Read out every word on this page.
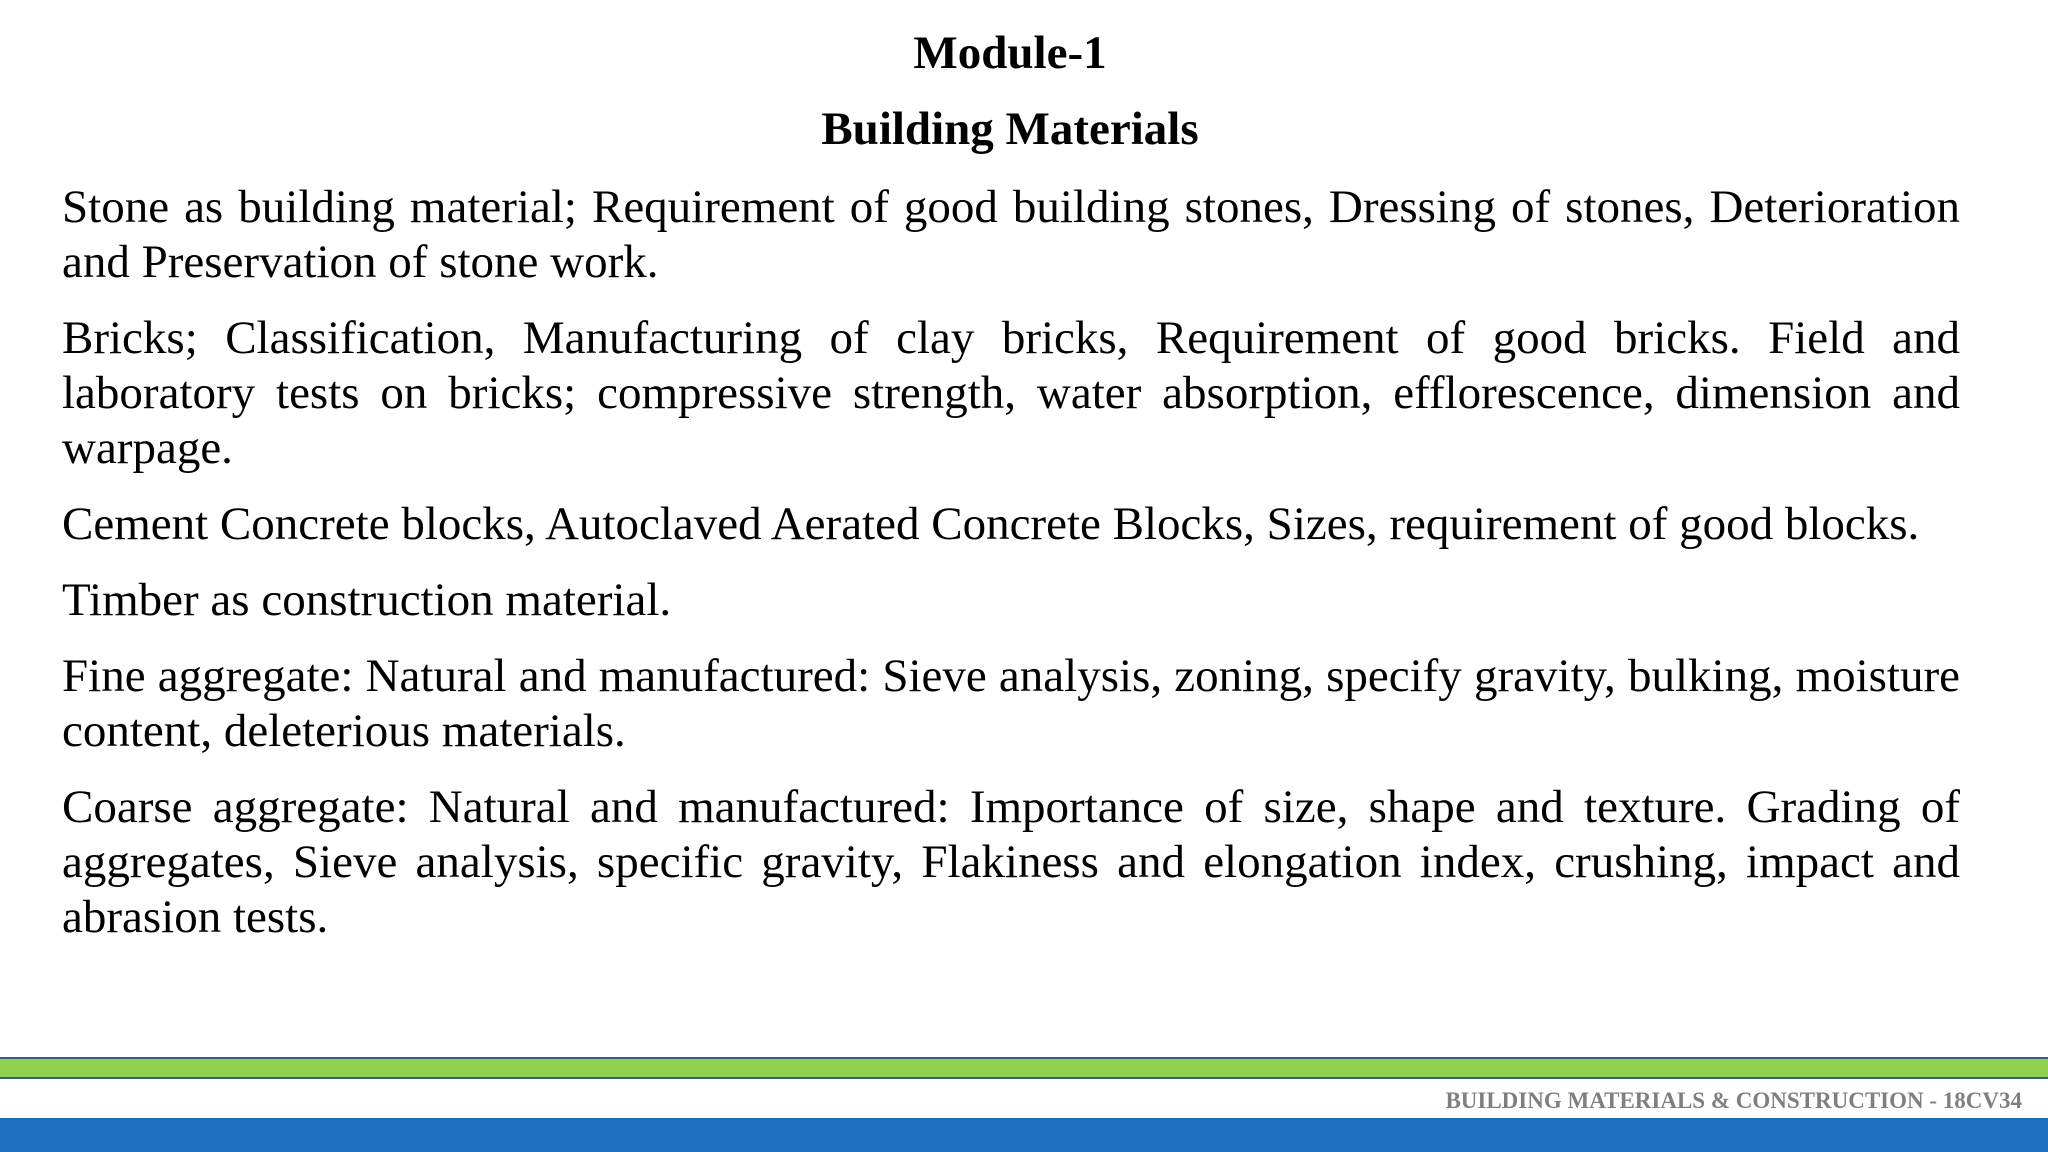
Module-1
Building Materials

Stone as building material; Requirement of good building stones, Dressing of stones, Deterioration and Preservation of stone work.

Bricks; Classification, Manufacturing of clay bricks, Requirement of good bricks. Field and laboratory tests on bricks; compressive strength, water absorption, efflorescence, dimension and warpage.

Cement Concrete blocks, Autoclaved Aerated Concrete Blocks, Sizes, requirement of good blocks.

Timber as construction material.

Fine aggregate: Natural and manufactured: Sieve analysis, zoning, specify gravity, bulking, moisture content, deleterious materials.

Coarse aggregate: Natural and manufactured: Importance of size, shape and texture. Grading of aggregates, Sieve analysis, specific gravity, Flakiness and elongation index, crushing, impact and abrasion tests.

BUILDING MATERIALS & CONSTRUCTION - 18CV34
